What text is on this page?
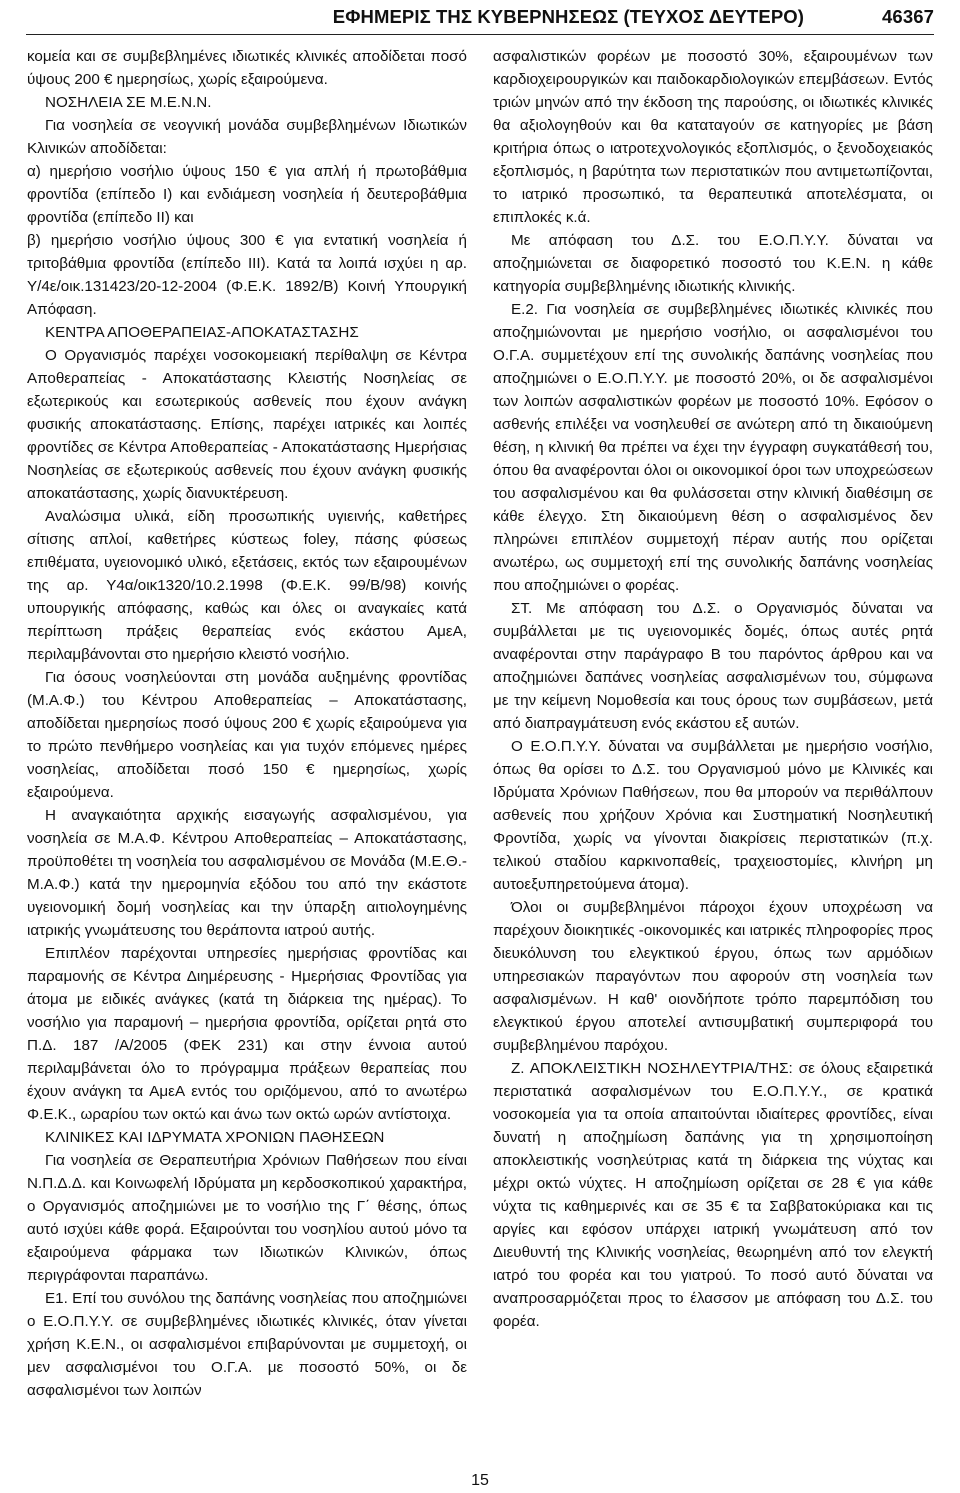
ΕΦΗΜΕΡΙΣ ΤΗΣ ΚΥΒΕΡΝΗΣΕΩΣ (ΤΕΥΧΟΣ ΔΕΥΤΕΡΟ)	46367

κομεία και σε συμβεβλημένες ιδιωτικές κλινικές αποδίδεται ποσό ύψους 200 € ημερησίως, χωρίς εξαιρούμενα.

ΝΟΣΗΛΕΙΑ ΣΕ Μ.Ε.Ν.Ν.

Για νοσηλεία σε νεογνική μονάδα συμβεβλημένων Ιδιωτικών Κλινικών αποδίδεται:

α) ημερήσιο νοσήλιο ύψους 150 € για απλή ή πρωτοβάθμια φροντίδα (επίπεδο Ι) και ενδιάμεση νοσηλεία ή δευτεροβάθμια φροντίδα (επίπεδο ΙΙ) και

β) ημερήσιο νοσήλιο ύψους 300 € για εντατική νοσηλεία ή τριτοβάθμια φροντίδα (επίπεδο ΙΙΙ). Κατά τα λοιπά ισχύει η αρ. Υ/4ε/οικ.131423/20-12-2004 (Φ.Ε.Κ. 1892/Β) Κοινή Υπουργική Απόφαση.

ΚΕΝΤΡΑ ΑΠΟΘΕΡΑΠΕΙΑΣ-ΑΠΟΚΑΤΑΣΤΑΣΗΣ

Ο Οργανισμός παρέχει νοσοκομειακή περίθαλψη σε Κέντρα Αποθεραπείας - Αποκατάστασης Κλειστής Νοσηλείας σε εξωτερικούς και εσωτερικούς ασθενείς που έχουν ανάγκη φυσικής αποκατάστασης. Επίσης, παρέχει ιατρικές και λοιπές φροντίδες σε Κέντρα Αποθεραπείας - Αποκατάστασης Ημερήσιας Νοσηλείας σε εξωτερικούς ασθενείς που έχουν ανάγκη φυσικής αποκατάστασης, χωρίς διανυκτέρευση.

Αναλώσιμα υλικά, είδη προσωπικής υγιεινής, καθετήρες σίτισης απλοί, καθετήρες κύστεως foley, πάσης φύσεως επιθέματα, υγειονομικό υλικό, εξετάσεις, εκτός των εξαιρουμένων της αρ. Υ4α/οικ1320/10.2.1998 (Φ.Ε.Κ. 99/Β/98) κοινής υπουργικής απόφασης, καθώς και όλες οι αναγκαίες κατά περίπτωση πράξεις θεραπείας ενός εκάστου ΑμεΑ, περιλαμβάνονται στο ημερήσιο κλειστό νοσήλιο.

Για όσους νοσηλεύονται στη μονάδα αυξημένης φροντίδας (Μ.Α.Φ.) του Κέντρου Αποθεραπείας – Αποκατάστασης, αποδίδεται ημερησίως ποσό ύψους 200 € χωρίς εξαιρούμενα για το πρώτο πενθήμερο νοσηλείας και για τυχόν επόμενες ημέρες νοσηλείας, αποδίδεται ποσό 150 € ημερησίως, χωρίς εξαιρούμενα.

Η αναγκαιότητα αρχικής εισαγωγής ασφαλισμένου, για νοσηλεία σε Μ.Α.Φ. Κέντρου Αποθεραπείας – Αποκατάστασης, προϋποθέτει τη νοσηλεία του ασφαλισμένου σε Μονάδα (Μ.Ε.Θ.- Μ.Α.Φ.) κατά την ημερομηνία εξόδου του από την εκάστοτε υγειονομική δομή νοσηλείας και την ύπαρξη αιτιολογημένης ιατρικής γνωμάτευσης του θεράποντα ιατρού αυτής.

Επιπλέον παρέχονται υπηρεσίες ημερήσιας φροντίδας και παραμονής σε Κέντρα Διημέρευσης - Ημερήσιας Φροντίδας για άτομα με ειδικές ανάγκες (κατά τη διάρκεια της ημέρας). Το νοσήλιο για παραμονή – ημερήσια φροντίδα, ορίζεται ρητά στο Π.Δ. 187 /Α/2005 (ΦΕΚ 231) και στην έννοια αυτού περιλαμβάνεται όλο το πρόγραμμα πράξεων θεραπείας που έχουν ανάγκη τα ΑμεΑ εντός του οριζόμενου, από το ανωτέρω Φ.Ε.Κ., ωραρίου των οκτώ και άνω των οκτώ ωρών αντίστοιχα.

ΚΛΙΝΙΚΕΣ ΚΑΙ ΙΔΡΥΜΑΤΑ ΧΡΟΝΙΩΝ ΠΑΘΗΣΕΩΝ

Για νοσηλεία σε Θεραπευτήρια Χρόνιων Παθήσεων που είναι Ν.Π.Δ.Δ. και Κοινωφελή Ιδρύματα μη κερδοσκοπικού χαρακτήρα, ο Οργανισμός αποζημιώνει με το νοσήλιο της Γ΄ θέσης, όπως αυτό ισχύει κάθε φορά. Εξαιρούνται του νοσηλίου αυτού μόνο τα εξαιρούμενα φάρμακα των Ιδιωτικών Κλινικών, όπως περιγράφονται παραπάνω.

Ε1. Επί του συνόλου της δαπάνης νοσηλείας που αποζημιώνει ο Ε.Ο.Π.Υ.Υ. σε συμβεβλημένες ιδιωτικές κλινικές, όταν γίνεται χρήση Κ.Ε.Ν., οι ασφαλισμένοι επιβαρύνονται με συμμετοχή, οι μεν ασφαλισμένοι του Ο.Γ.Α. με ποσοστό 50%, οι δε ασφαλισμένοι των λοιπών

ασφαλιστικών φορέων με ποσοστό 30%, εξαιρουμένων των καρδιοχειρουργικών και παιδοκαρδιολογικών επεμβάσεων. Εντός τριών μηνών από την έκδοση της παρούσης, οι ιδιωτικές κλινικές θα αξιολογηθούν και θα καταταγούν σε κατηγορίες με βάση κριτήρια όπως ο ιατροτεχνολογικός εξοπλισμός, ο ξενοδοχειακός εξοπλισμός, η βαρύτητα των περιστατικών που αντιμετωπίζονται, το ιατρικό προσωπικό, τα θεραπευτικά αποτελέσματα, οι επιπλοκές κ.ά.

Με απόφαση του Δ.Σ. του Ε.Ο.Π.Υ.Υ. δύναται να αποζημιώνεται σε διαφορετικό ποσοστό του Κ.Ε.Ν. η κάθε κατηγορία συμβεβλημένης ιδιωτικής κλινικής.

Ε.2. Για νοσηλεία σε συμβεβλημένες ιδιωτικές κλινικές που αποζημιώνονται με ημερήσιο νοσήλιο, οι ασφαλισμένοι του Ο.Γ.Α. συμμετέχουν επί της συνολικής δαπάνης νοσηλείας που αποζημιώνει ο Ε.Ο.Π.Υ.Υ. με ποσοστό 20%, οι δε ασφαλισμένοι των λοιπών ασφαλιστικών φορέων με ποσοστό 10%. Εφόσον ο ασθενής επιλέξει να νοσηλευθεί σε ανώτερη από τη δικαιούμενη θέση, η κλινική θα πρέπει να έχει την έγγραφη συγκατάθεσή του, όπου θα αναφέρονται όλοι οι οικονομικοί όροι των υποχρεώσεων του ασφαλισμένου και θα φυλάσσεται στην κλινική διαθέσιμη σε κάθε έλεγχο. Στη δικαιούμενη θέση ο ασφαλισμένος δεν πληρώνει επιπλέον συμμετοχή πέραν αυτής που ορίζεται ανωτέρω, ως συμμετοχή επί της συνολικής δαπάνης νοσηλείας που αποζημιώνει ο φορέας.

ΣΤ. Με απόφαση του Δ.Σ. ο Οργανισμός δύναται να συμβάλλεται με τις υγειονομικές δομές, όπως αυτές ρητά αναφέρονται στην παράγραφο Β του παρόντος άρθρου και να αποζημιώνει δαπάνες νοσηλείας ασφαλισμένων του, σύμφωνα με την κείμενη Νομοθεσία και τους όρους των συμβάσεων, μετά από διαπραγμάτευση ενός εκάστου εξ αυτών.

Ο Ε.Ο.Π.Υ.Υ. δύναται να συμβάλλεται με ημερήσιο νοσήλιο, όπως θα ορίσει το Δ.Σ. του Οργανισμού μόνο με Κλινικές και Ιδρύματα Χρόνιων Παθήσεων, που θα μπορούν να περιθάλπουν ασθενείς που χρήζουν Χρόνια και Συστηματική Νοσηλευτική Φροντίδα, χωρίς να γίνονται διακρίσεις περιστατικών (π.χ. τελικού σταδίου καρκινοπαθείς, τραχειοστομίες, κλινήρη μη αυτοεξυπηρετούμενα άτομα).

Όλοι οι συμβεβλημένοι πάροχοι έχουν υποχρέωση να παρέχουν διοικητικές -οικονομικές και ιατρικές πληροφορίες προς διευκόλυνση του ελεγκτικού έργου, όπως των αρμόδιων υπηρεσιακών παραγόντων που αφορούν στη νοσηλεία των ασφαλισμένων. Η καθ' οιονδήποτε τρόπο παρεμπόδιση του ελεγκτικού έργου αποτελεί αντισυμβατική συμπεριφορά του συμβεβλημένου παρόχου.

Ζ. ΑΠΟΚΛΕΙΣΤΙΚΗ ΝΟΣΗΛΕΥΤΡΙΑ/ΤΗΣ: σε όλους εξαιρετικά περιστατικά ασφαλισμένων του Ε.Ο.Π.Υ.Υ., σε κρατικά νοσοκομεία για τα οποία απαιτούνται ιδιαίτερες φροντίδες, είναι δυνατή η αποζημίωση δαπάνης για τη χρησιμοποίηση αποκλειστικής νοσηλεύτριας κατά τη διάρκεια της νύχτας και μέχρι οκτώ νύχτες. Η αποζημίωση ορίζεται σε 28 € για κάθε νύχτα τις καθημερινές και σε 35 € τα Σαββατοκύριακα και τις αργίες και εφόσον υπάρχει ιατρική γνωμάτευση από τον Διευθυντή της Κλινικής νοσηλείας, θεωρημένη από τον ελεγκτή ιατρό του φορέα και του γιατρού. Το ποσό αυτό δύναται να αναπροσαρμόζεται προς το έλασσον με απόφαση του Δ.Σ. του φορέα.

15
